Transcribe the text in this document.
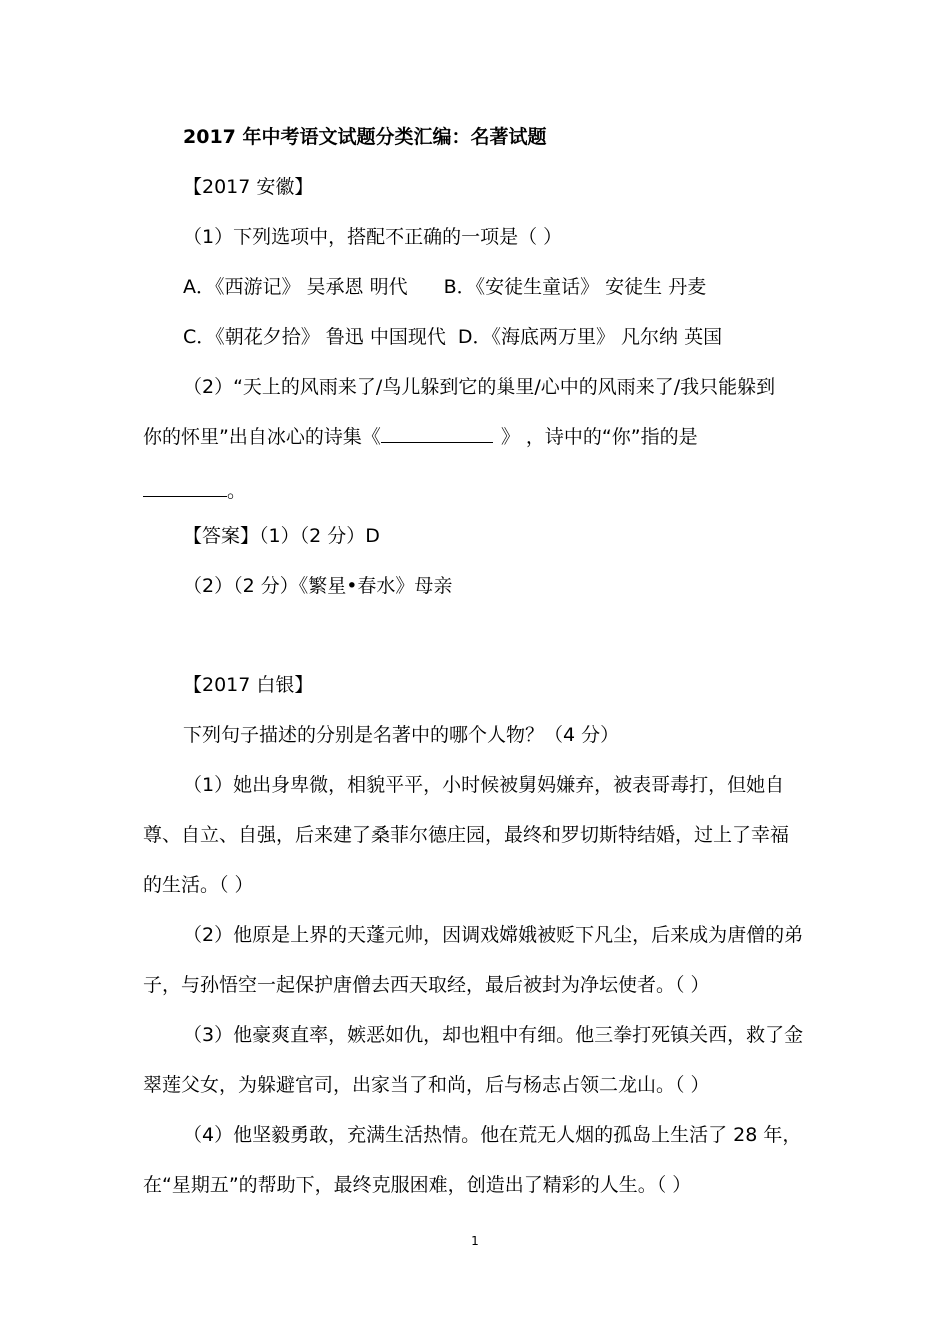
2017 年中考语文试题分类汇编：名著试题
【2017 安徽】
（1）下列选项中，搭配不正确的一项是（ ）
A．《西游记》 吴承恩 明代 B．《安徒生童话》 安徒生 丹麦
C．《朝花夕拾》 鲁迅 中国现代 D．《海底两万里》 凡尔纳 英国
（2）“天上的风雨来了/鸟儿躲到它的巢里/心中的风雨来了/我只能躲到
你的怀里”出自冰心的诗集《	》 ，诗中的“你”指的是
。
【答案】（1）（2 分）D
（2）（2 分）《繁星•春水》母亲
【2017 白银】
下列句子描述的分别是名著中的哪个人物？（4 分）
（1）她出身卑微，相貌平平，小时候被舅妈嫌弃，被表哥毒打，但她自
尊、自立、自强，后来建了桑菲尔德庄园，最终和罗切斯特结婚，过上了幸福
的生活。（ ）
（2）他原是上界的天蓬元帅，因调戏嫦娥被贬下凡尘，后来成为唐僧的弟
子，与孙悟空一起保护唐僧去西天取经，最后被封为净坛使者。（ ）
（3）他豪爽直率，嫉恶如仇，却也粗中有细。他三拳打死镇关西，救了金
翠莲父女，为躲避官司，出家当了和尚，后与杨志占领二龙山。（ ）
（4）他坚毅勇敢，充满生活热情。他在荒无人烟的孤岛上生活了 28 年，
在“星期五”的帮助下，最终克服困难，创造出了精彩的人生。（ ）
1
